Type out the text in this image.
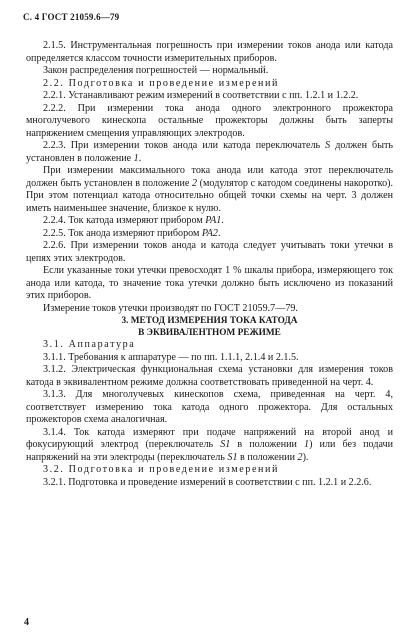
С. 4 ГОСТ 21059.6—79

2.1.5. Инструментальная погрешность при измерении токов анода или катода определяется классом точности измерительных приборов.

Закон распределения погрешностей — нормальный.

2.2. Подготовка и проведение измерений

2.2.1. Устанавливают режим измерений в соответствии с пп. 1.2.1 и 1.2.2.

2.2.2. При измерении тока анода одного электронного прожектора многолучевого кинескопа остальные прожекторы должны быть заперты напряжением смещения управляющих электродов.

2.2.3. При измерении токов анода или катода переключатель S должен быть установлен в положение 1.

При измерении максимального тока анода или катода этот переключатель должен быть установлен в положение 2 (модулятор с катодом соединены накоротко). При этом потенциал катода относительно общей точки схемы на черт. 3 должен иметь наименьшее значение, близкое к нулю.

2.2.4. Ток катода измеряют прибором PA1.

2.2.5. Ток анода измеряют прибором PA2.

2.2.6. При измерении токов анода и катода следует учитывать токи утечки в цепях этих электродов.

Если указанные токи утечки превосходят 1 % шкалы прибора, измеряющего ток анода или катода, то значение тока утечки должно быть исключено из показаний этих приборов.

Измерение токов утечки производят по ГОСТ 21059.7—79.

3. МЕТОД ИЗМЕРЕНИЯ ТОКА КАТОДА
В ЭКВИВАЛЕНТНОМ РЕЖИМЕ

3.1. Аппаратура

3.1.1. Требования к аппаратуре — по пп. 1.1.1, 2.1.4 и 2.1.5.

3.1.2. Электрическая функциональная схема установки для измерения токов катода в эквивалентном режиме должна соответствовать приведенной на черт. 4.

3.1.3. Для многолучевых кинескопов схема, приведенная на черт. 4, соответствует измерению тока катода одного прожектора. Для остальных прожекторов схема аналогичная.

3.1.4. Ток катода измеряют при подаче напряжений на второй анод и фокусирующий электрод (переключатель S1 в положении 1) или без подачи напряжений на эти электроды (переключатель S1 в положении 2).

3.2. Подготовка и проведение измерений

3.2.1. Подготовка и проведение измерений в соответствии с пп. 1.2.1 и 2.2.6.

4
